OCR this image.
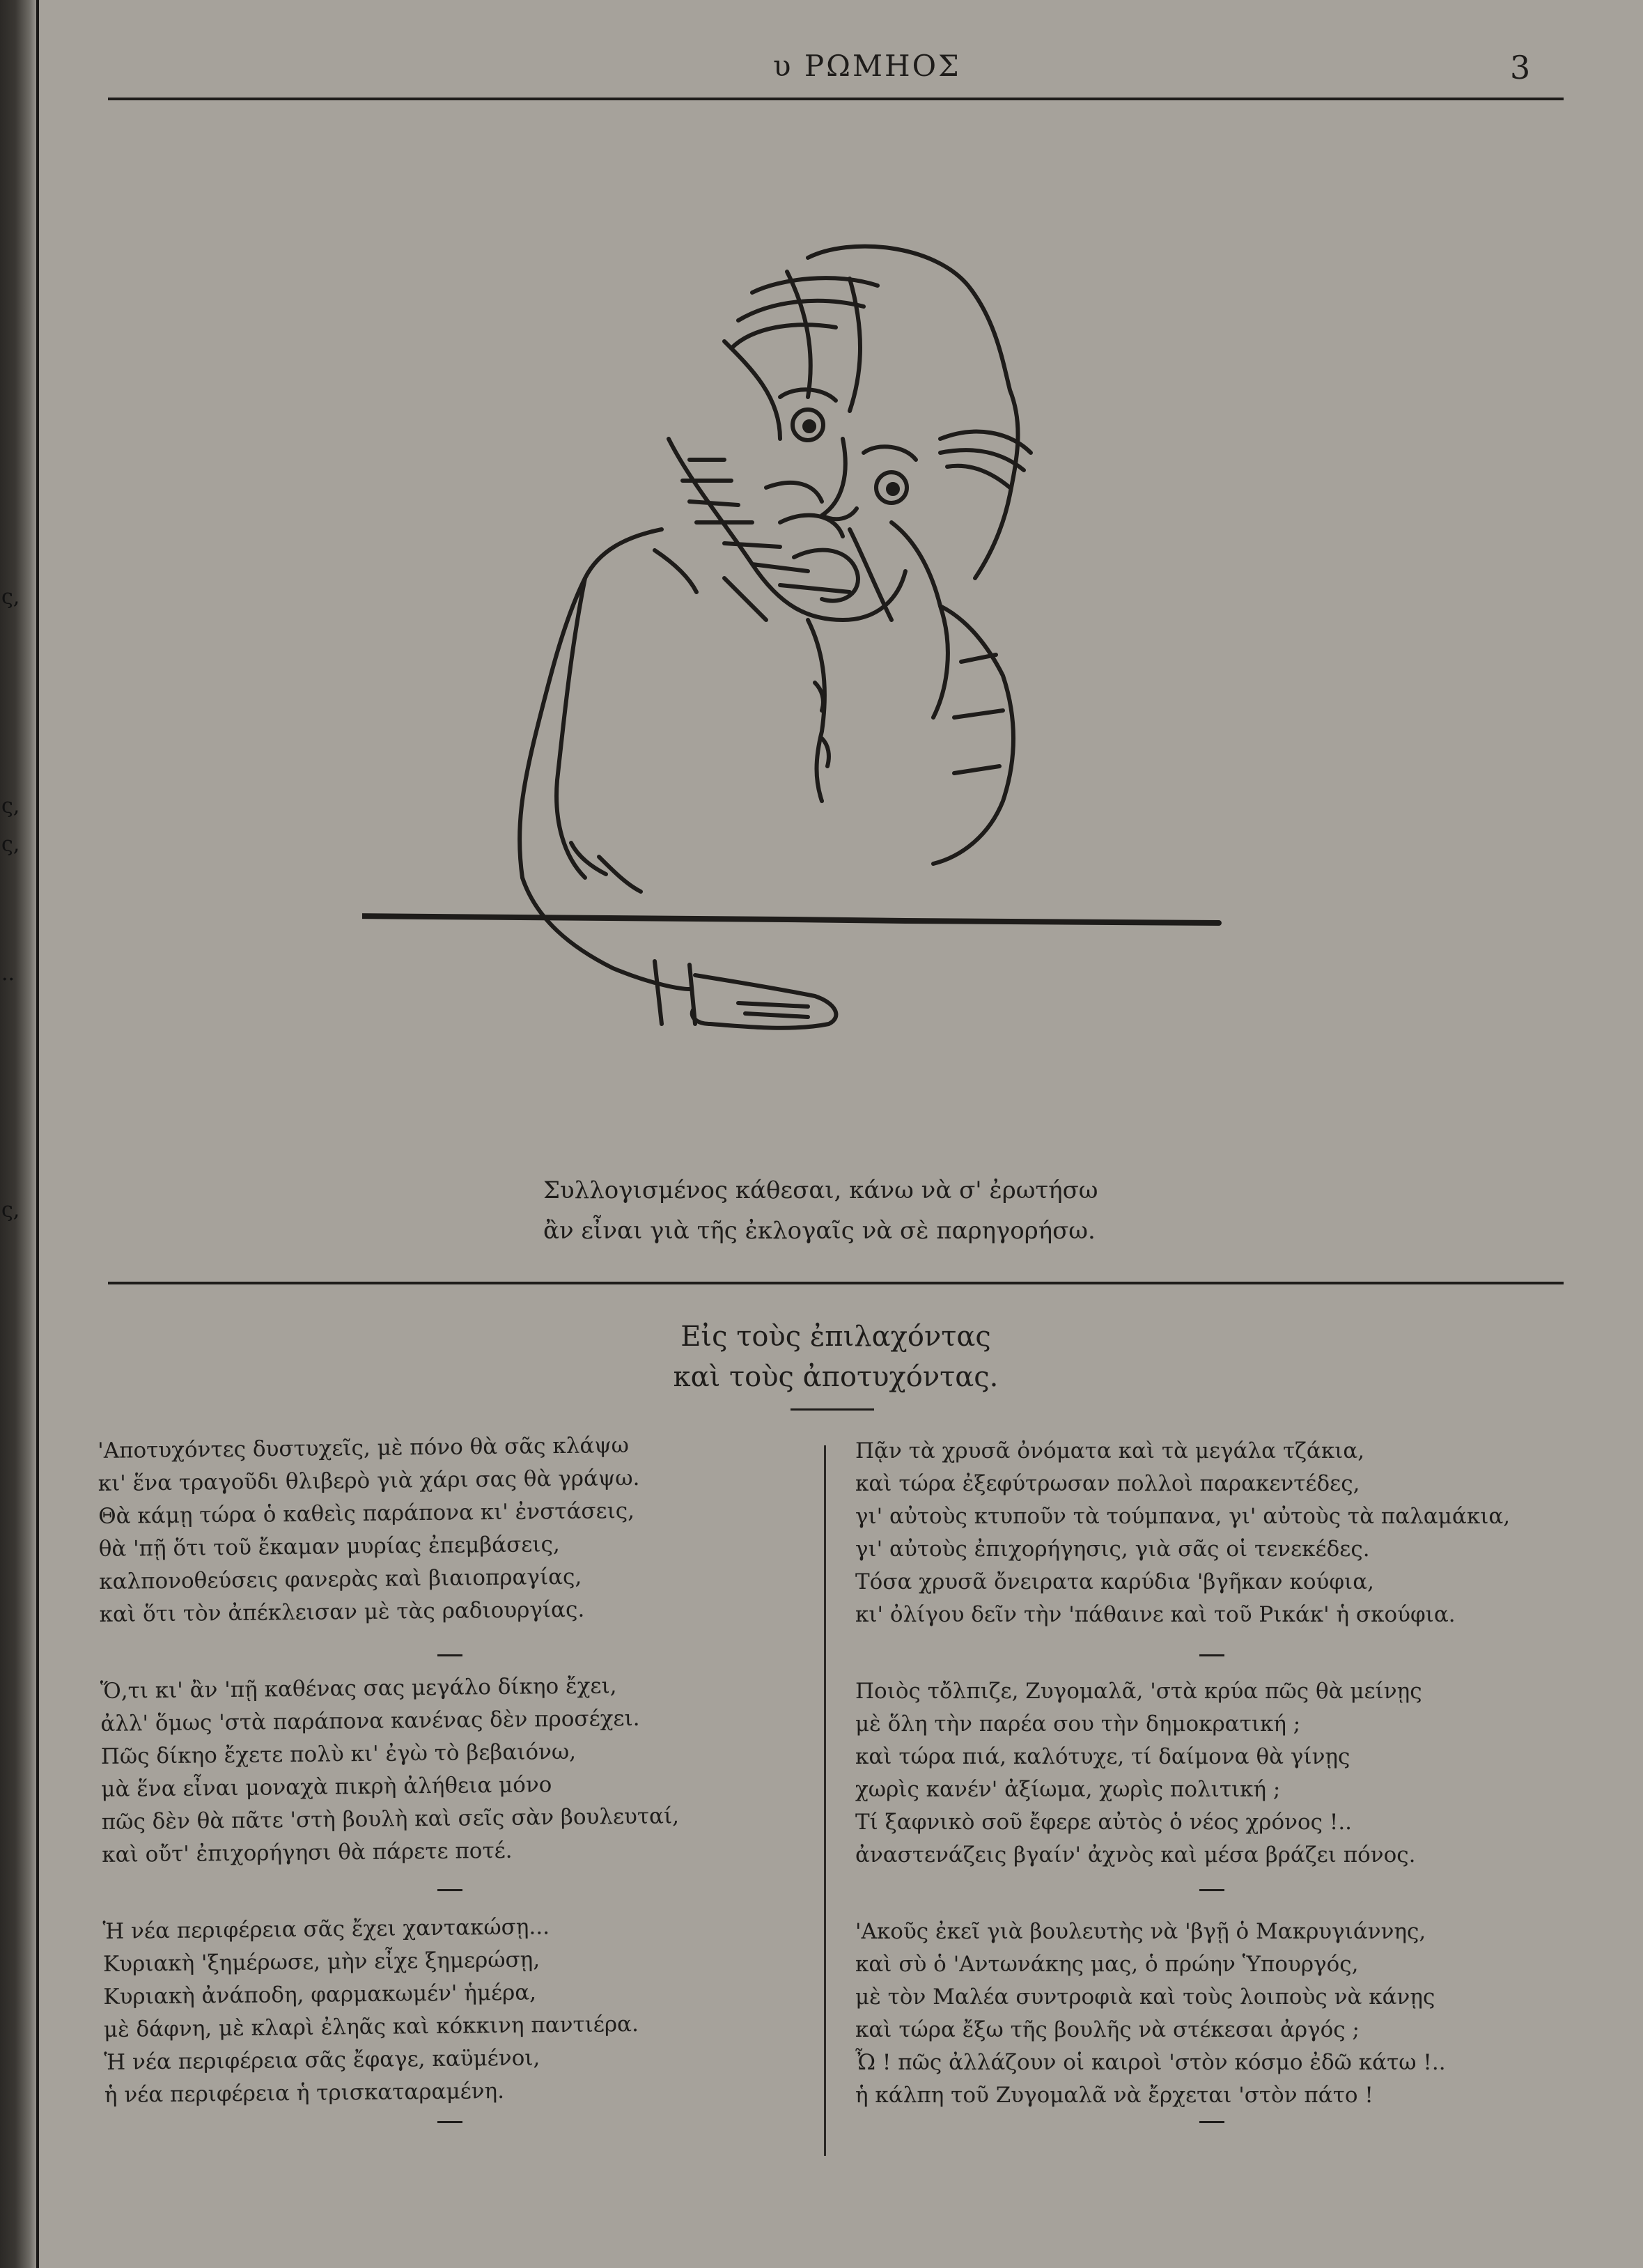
ς,
ς,
ς,
..
ς,
υ ΡΩΜΗΟΣ	3
Συλλογισμένος κάθεσαι, κάνω νὰ σ' ἐρωτήσω
ἂν εἶναι γιὰ τῆς ἐκλογαῖς νὰ σὲ παρηγορήσω.
Εἰς τοὺς ἐπιλαχόντας
καὶ τοὺς ἀποτυχόντας.
'Αποτυχόντες δυστυχεῖς, μὲ πόνο θὰ σᾶς κλάψω
κι' ἕνα τραγοῦδι θλιβερὸ γιὰ χάρι σας θὰ γράψω.
Θὰ κάμῃ τώρα ὁ καθεὶς παράπονα κι' ἐνστάσεις,
θὰ 'πῇ ὅτι τοῦ ἔκαμαν μυρίας ἐπεμβάσεις,
καλπονοθεύσεις φανερὰς καὶ βιαιοπραγίας,
καὶ ὅτι τὸν ἀπέκλεισαν μὲ τὰς ραδιουργίας.
Ὅ,τι κι' ἂν 'πῇ καθένας σας μεγάλο δίκηο ἔχει,
ἀλλ' ὅμως 'στὰ παράπονα κανένας δὲν προσέχει.
Πῶς δίκηο ἔχετε πολὺ κι' ἐγὼ τὸ βεβαιόνω,
μὰ ἕνα εἶναι μοναχὰ πικρὴ ἀλήθεια μόνο
πῶς δὲν θὰ πᾶτε 'στὴ βουλὴ καὶ σεῖς σὰν βουλευταί,
καὶ οὔτ' ἐπιχορήγησι θὰ πάρετε ποτέ.
Ἡ νέα περιφέρεια σᾶς ἔχει χαντακώσῃ...
Κυριακὴ 'ξημέρωσε, μὴν εἶχε ξημερώσῃ,
Κυριακὴ ἀνάποδη, φαρμακωμέν' ἡμέρα,
μὲ δάφνη, μὲ κλαρὶ ἐληᾶς καὶ κόκκινη παντιέρα.
Ἡ νέα περιφέρεια σᾶς ἔφαγε, καϋμένοι,
ἡ νέα περιφέρεια ἡ τρισκαταραμένη.
Πᾷν τὰ χρυσᾶ ὀνόματα καὶ τὰ μεγάλα τζάκια,
καὶ τώρα ἐξεφύτρωσαν πολλοὶ παρακεντέδες,
γι' αὐτοὺς κτυποῦν τὰ τούμπανα, γι' αὐτοὺς τὰ παλαμάκια,
γι' αὐτοὺς ἐπιχορήγησις, γιὰ σᾶς οἱ τενεκέδες.
Τόσα χρυσᾶ ὄνειρατα καρύδια 'βγῆκαν κούφια,
κι' ὀλίγου δεῖν τὴν 'πάθαινε καὶ τοῦ Ρικάκ' ἡ σκούφια.
Ποιὸς τὄλπιζε, Ζυγομαλᾶ, 'στὰ κρύα πῶς θὰ μείνῃς
μὲ ὅλη τὴν παρέα σου τὴν δημοκρατική ;
καὶ τώρα πιά, καλότυχε, τί δαίμονα θὰ γίνῃς
χωρὶς κανέν' ἀξίωμα, χωρὶς πολιτική ;
Τί ξαφνικὸ σοῦ ἔφερε αὐτὸς ὁ νέος χρόνος !..
ἀναστενάζεις βγαίν' ἀχνὸς καὶ μέσα βράζει πόνος.
'Ακοῦς ἐκεῖ γιὰ βουλευτὴς νὰ 'βγῇ ὁ Μακρυγιάννης,
καὶ σὺ ὁ 'Αντωνάκης μας, ὁ πρώην Ὑπουργός,
μὲ τὸν Μαλέα συντροφιὰ καὶ τοὺς λοιποὺς νὰ κάνῃς
καὶ τώρα ἔξω τῆς βουλῆς νὰ στέκεσαι ἀργός ;
Ὦ ! πῶς ἀλλάζουν οἱ καιροὶ 'στὸν κόσμο ἐδῶ κάτω !..
ἡ κάλπη τοῦ Ζυγομαλᾶ νὰ ἔρχεται 'στὸν πάτο !
